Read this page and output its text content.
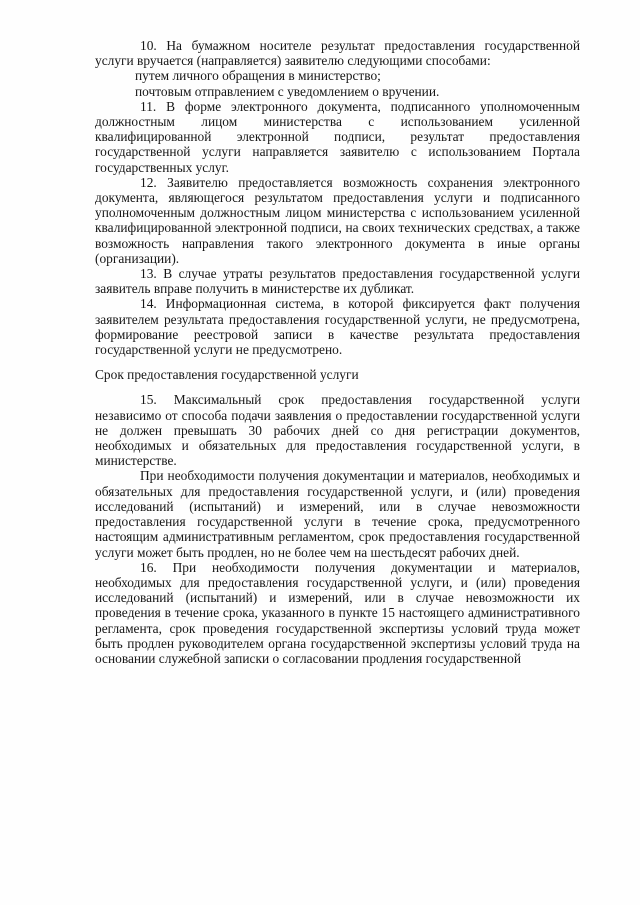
10. На бумажном носителе результат предоставления государственной услуги вручается (направляется) заявителю следующими способами:

путем личного обращения в министерство;

почтовым отправлением с уведомлением о вручении.

11. В форме электронного документа, подписанного уполномоченным должностным лицом министерства с использованием усиленной квалифицированной электронной подписи, результат предоставления государственной услуги направляется заявителю с использованием Портала государственных услуг.

12. Заявителю предоставляется возможность сохранения электронного документа, являющегося результатом предоставления услуги и подписанного уполномоченным должностным лицом министерства с использованием усиленной квалифицированной электронной подписи, на своих технических средствах, а также возможность направления такого электронного документа в иные органы (организации).

13. В случае утраты результатов предоставления государственной услуги заявитель вправе получить в министерстве их дубликат.

14. Информационная система, в которой фиксируется факт получения заявителем результата предоставления государственной услуги, не предусмотрена, формирование реестровой записи в качестве результата предоставления государственной услуги не предусмотрено.

Срок предоставления государственной услуги

15. Максимальный срок предоставления государственной услуги независимо от способа подачи заявления о предоставлении государственной услуги не должен превышать 30 рабочих дней со дня регистрации документов, необходимых и обязательных для предоставления государственной услуги, в министерстве.

При необходимости получения документации и материалов, необходимых и обязательных для предоставления государственной услуги, и (или) проведения исследований (испытаний) и измерений, или в случае невозможности предоставления государственной услуги в течение срока, предусмотренного настоящим административным регламентом, срок предоставления государственной услуги может быть продлен, но не более чем на шестьдесят рабочих дней.

16. При необходимости получения документации и материалов, необходимых для предоставления государственной услуги, и (или) проведения исследований (испытаний) и измерений, или в случае невозможности их проведения в течение срока, указанного в пункте 15 настоящего административного регламента, срок проведения государственной экспертизы условий труда может быть продлен руководителем органа государственной экспертизы условий труда на основании служебной записки о согласовании продления государственной
